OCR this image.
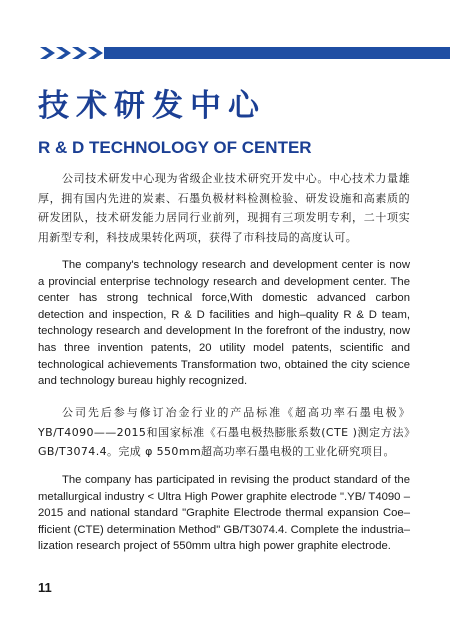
技术研发中心
R & D TECHNOLOGY OF CENTER
公司技术研发中心现为省级企业技术研究开发中心。中心技术力量雄厚，拥有国内先进的炭素、石墨负极材料检测检验、研发设施和高素质的研发团队，技术研发能力居同行业前列，现拥有三项发明专利，二十项实用新型专利，科技成果转化两项，获得了市科技局的高度认可。
The company's technology research and development center is now a provincial enterprise technology research and development center. The center has strong technical force,With domestic advanced carbon detection and inspection, R & D facilities and high–quality R & D team, technology research and development In the forefront of the industry, now has three invention patents, 20 utility model patents, scientific and technological achievements Transformation two, obtained the city science and technology bureau highly recognized.
公司先后参与修订冶金行业的产品标准《超高功率石墨电极》YB/T4090——2015和国家标准《石墨电极热膨胀系数(CTE )测定方法》GB/T3074.4。完成 φ 550mm超高功率石墨电极的工业化研究项目。
The company has participated in revising the product standard of the metallurgical industry < Ultra High Power graphite electrode ".YB/ T4090 –2015 and national standard "Graphite Electrode thermal expansion Coe– fficient (CTE) determination Method" GB/T3074.4. Complete the industria– lization research project of 550mm ultra high power graphite electrode.
11
